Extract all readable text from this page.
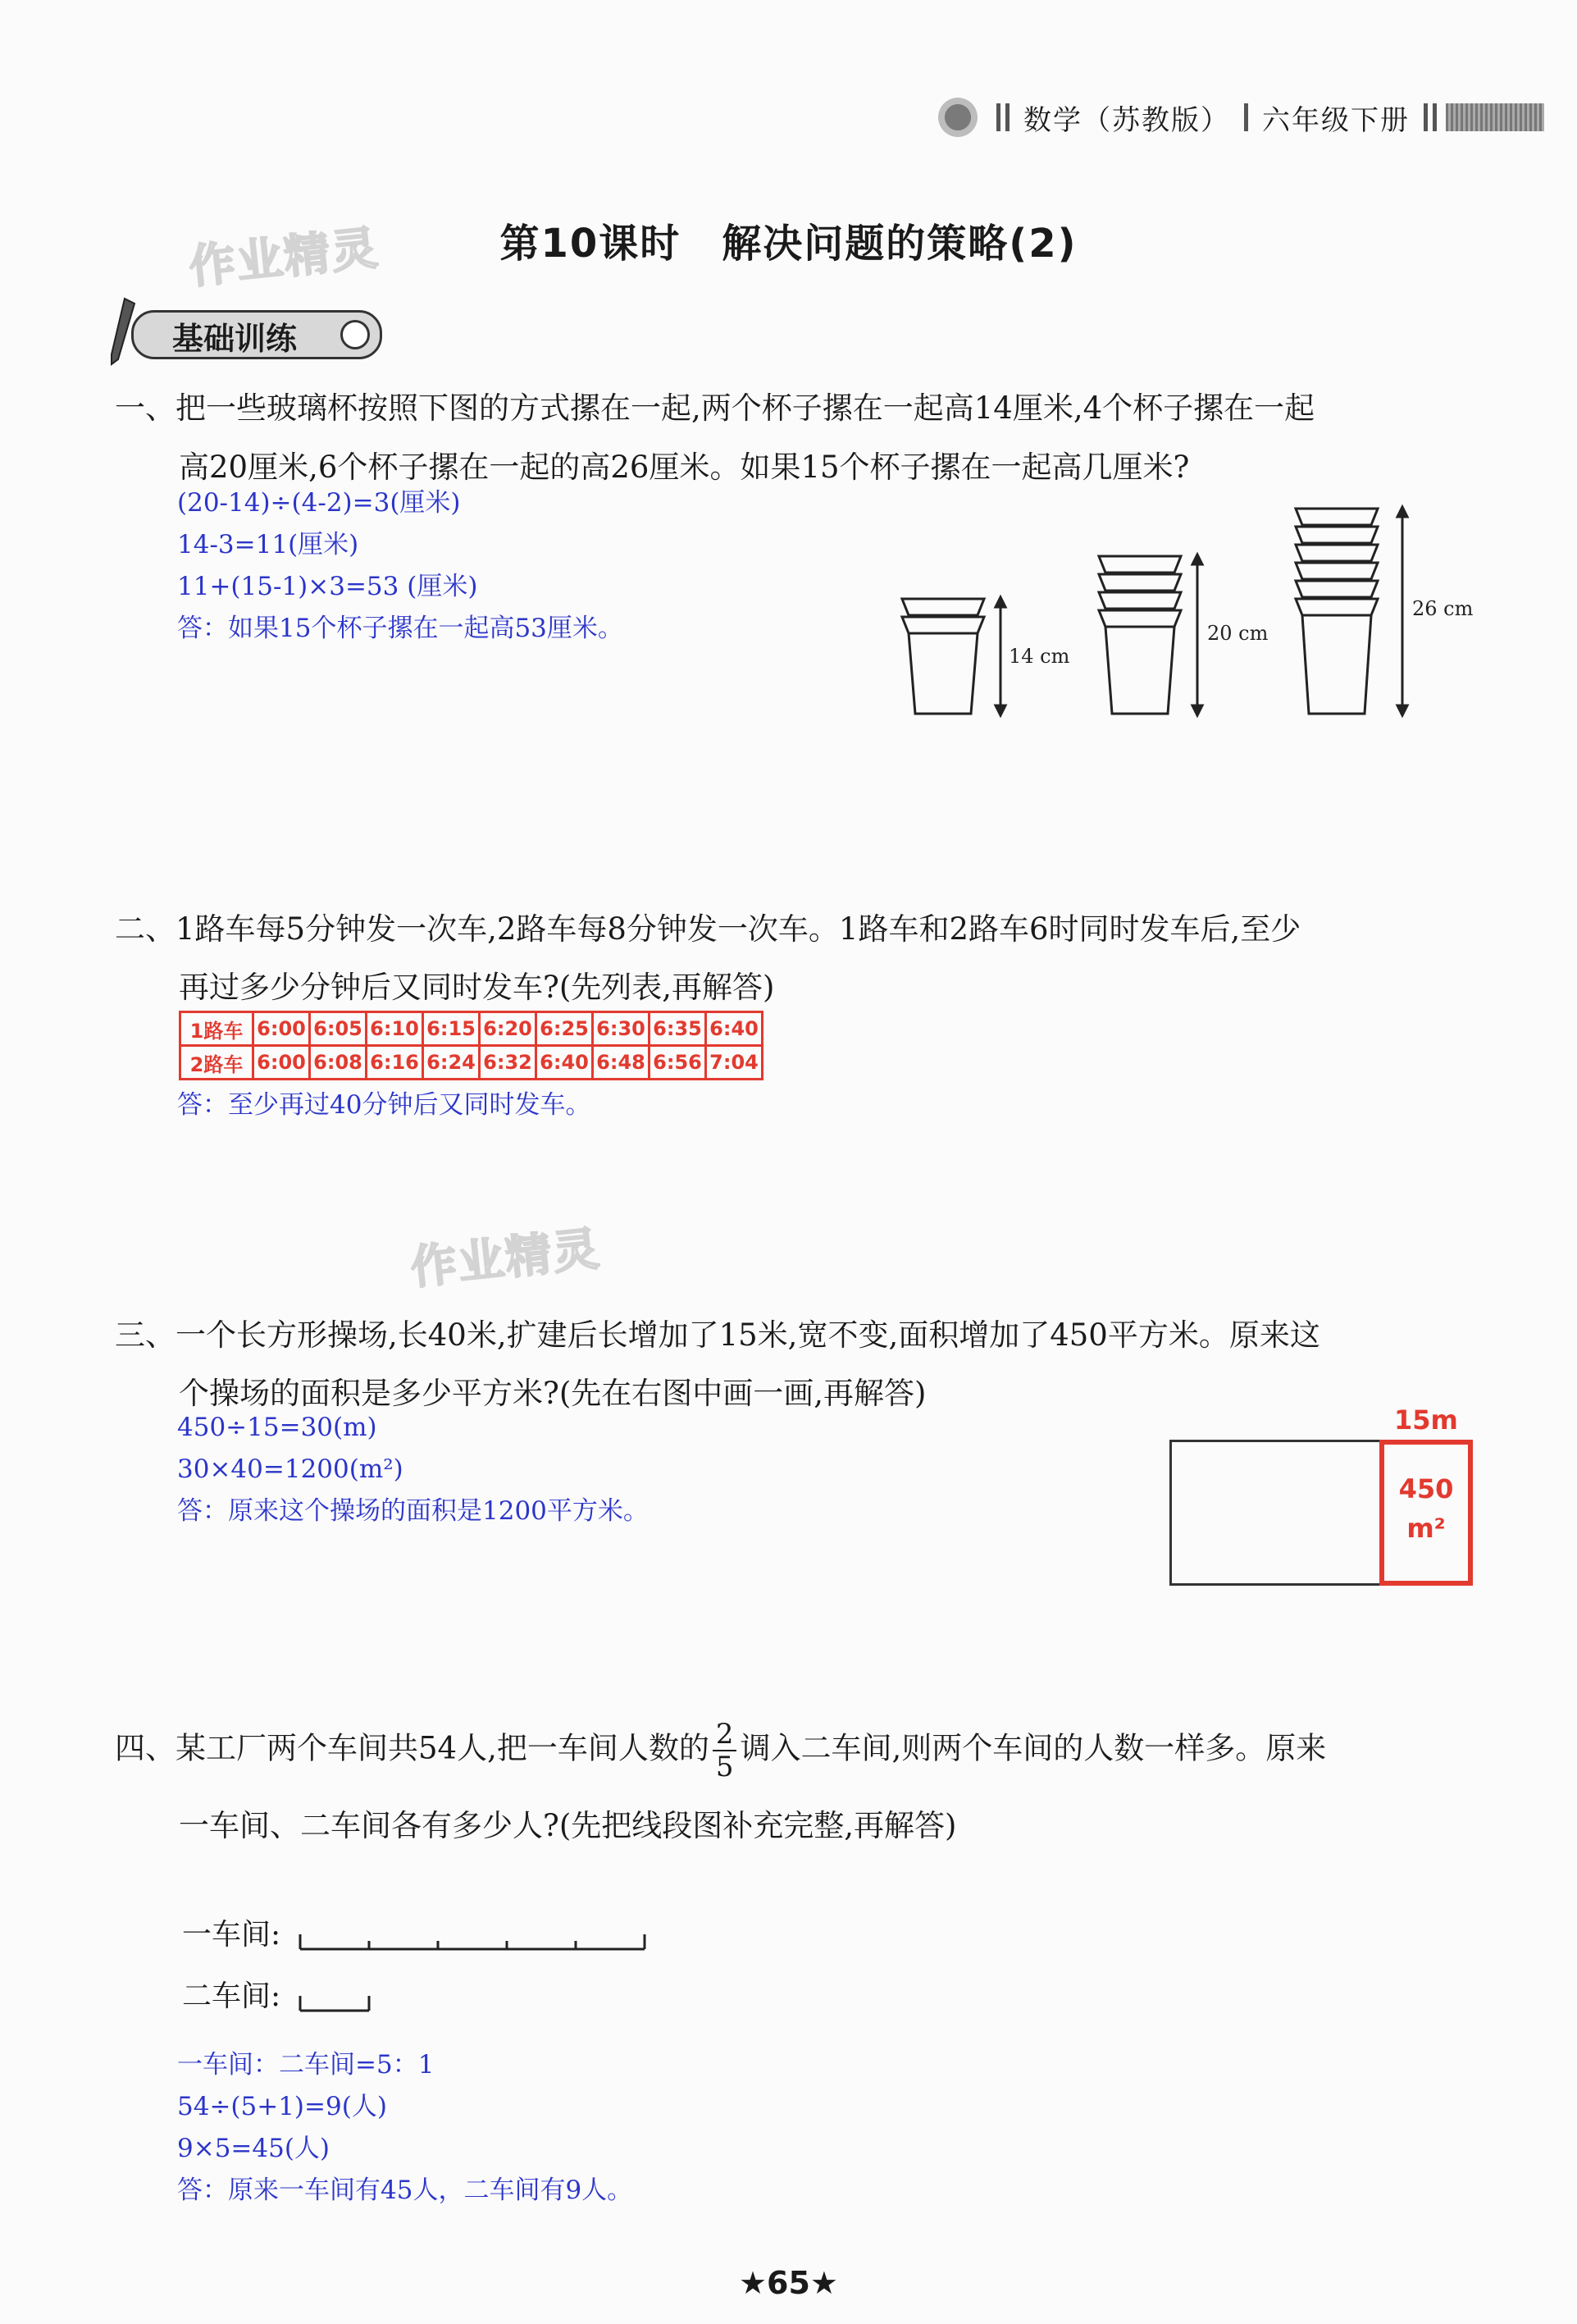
数学（苏教版） 六年级下册
第10课时　解决问题的策略(2)
作业精灵
作业精灵
基础训练
一、把一些玻璃杯按照下图的方式摞在一起,两个杯子摞在一起高14厘米,4个杯子摞在一起
高20厘米,6个杯子摞在一起的高26厘米。如果15个杯子摞在一起高几厘米?
(20-14)÷(4-2)=3(厘米)
14-3=11(厘米)
11+(15-1)×3=53 (厘米)
答：如果15个杯子摞在一起高53厘米。
14 cm
20 cm
26 cm
二、1路车每5分钟发一次车,2路车每8分钟发一次车。1路车和2路车6时同时发车后,至少
再过多少分钟后又同时发车?(先列表,再解答)
1路车	6:00	6:05	6:10	6:15	6:20	6:25	6:30	6:35	6:40
2路车	6:00	6:08	6:16	6:24	6:32	6:40	6:48	6:56	7:04
答：至少再过40分钟后又同时发车。
三、一个长方形操场,长40米,扩建后长增加了15米,宽不变,面积增加了450平方米。原来这
个操场的面积是多少平方米?(先在右图中画一画,再解答)
450÷15=30(m)
30×40=1200(m²)
答：原来这个操场的面积是1200平方米。
450
m²
15m
四、某工厂两个车间共54人,把一车间人数的 $\frac{2}{5}$ 调入二车间,则两个车间的人数一样多。原来
一车间、二车间各有多少人?(先把线段图补充完整,再解答)
一车间:
二车间:
一车间：二车间=5：1
54÷(5+1)=9(人)
9×5=45(人)
答：原来一车间有45人，二车间有9人。
★65★
